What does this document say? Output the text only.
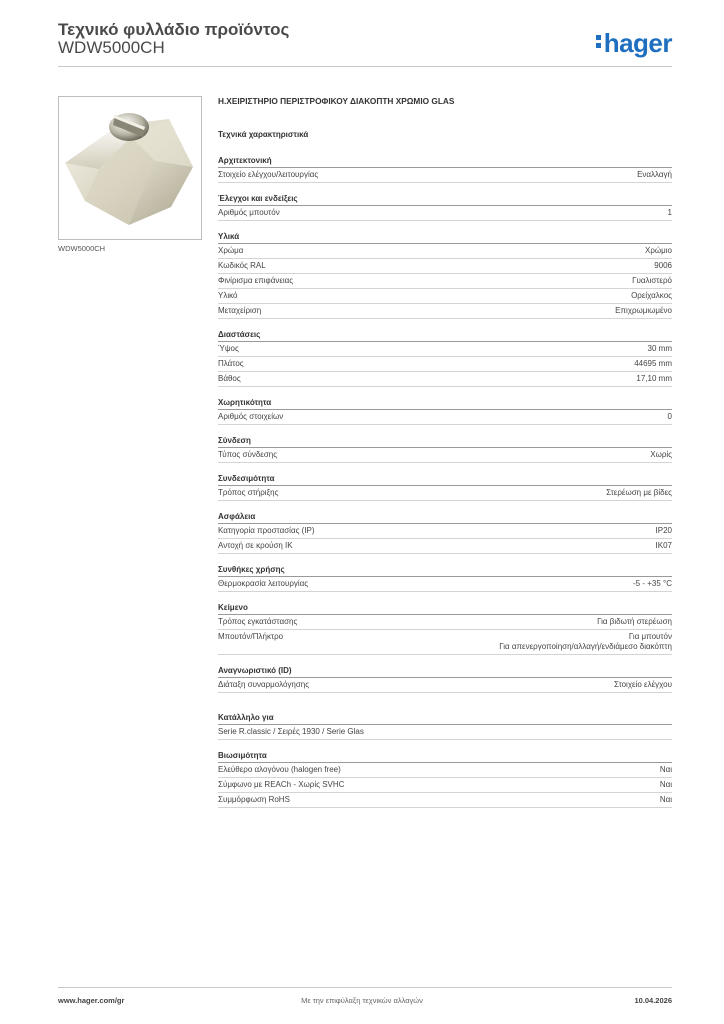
Τεχνικό φυλλάδιο προϊόντος
WDW5000CH	hager
WDW5000CH
Η.ΧΕΙΡΙΣΤΗΡΙΟ ΠΕΡΙΣΤΡΟΦΙΚΟΥ ΔΙΑΚΟΠΤΗ ΧΡΩΜΙΟ GLAS
Τεχνικά χαρακτηριστικά
Αρχιτεκτονική
Στοιχείο ελέγχου/λειτουργίας	Εναλλαγή
Έλεγχοι και ενδείξεις
Αριθμός μπουτόν	1
Υλικά
Χρώμα	Χρώμιο
Κωδικός RAL	9006
Φινίρισμα επιφάνειας	Γυαλιστερό
Υλικό	Ορείχαλκος
Μεταχείριση	Επιχρωμιωμένο
Διαστάσεις
Ύψος	30 mm
Πλάτος	44695 mm
Βάθος	17,10 mm
Χωρητικότητα
Αριθμός στοιχείων	0
Σύνδεση
Τύπος σύνδεσης	Χωρίς
Συνδεσιμότητα
Τρόπος στήριξης	Στερέωση με βίδες
Ασφάλεια
Κατηγορία προστασίας (IP)	IP20
Αντοχή σε κρούση IK	IK07
Συνθήκες χρήσης
Θερμοκρασία λειτουργίας	-5 - +35 °C
Κείμενο
Τρόπος εγκατάστασης	Για βιδωτή στερέωση
Μπουτόν/Πλήκτρο	Για μπουτόν
Για απενεργοποίηση/αλλαγή/ενδιάμεσο διακόπτη
Αναγνωριστικό (ID)
Διάταξη συναρμολόγησης	Στοιχείο ελέγχου
Κατάλληλο για
Serie R.classic / Σειρές 1930 / Serie Glas
Βιωσιμότητα
Ελεύθερο αλογόνου (halogen free)	Ναι
Σύμφωνο με REACh - Χωρίς SVHC	Ναι
Συμμόρφωση RoHS	Ναι
www.hager.com/gr	Με την επιφύλαξη τεχνικών αλλαγών	10.04.2026
